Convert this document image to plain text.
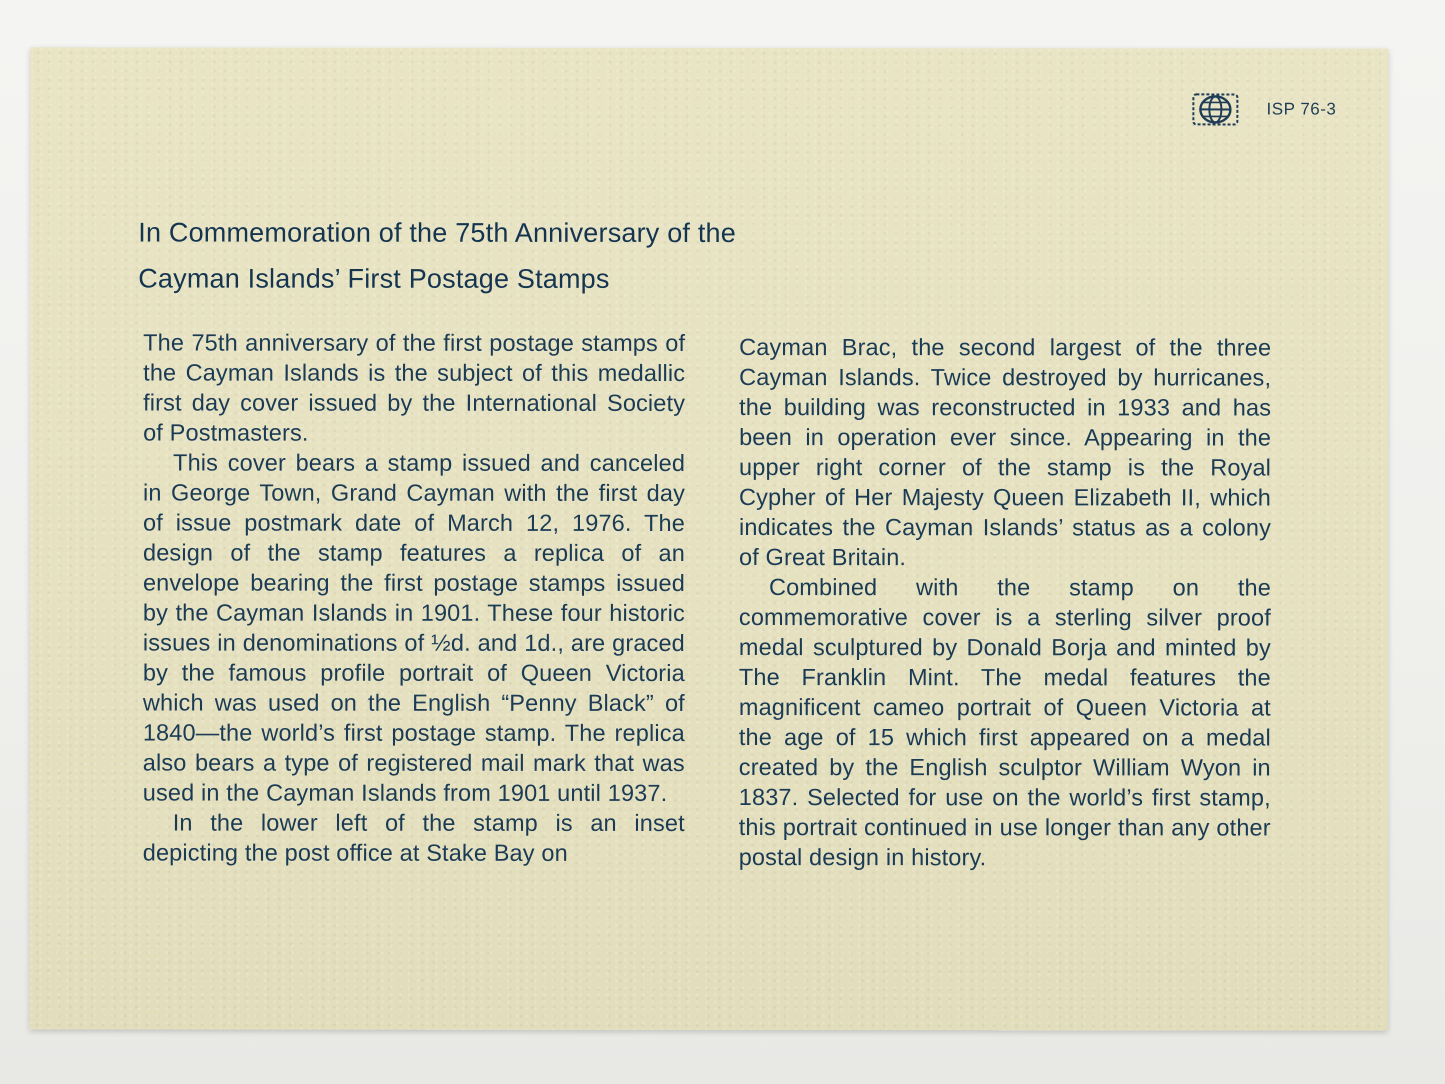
ISP 76-3
In Commemoration of the 75th Anniversary of the
Cayman Islands’ First Postage Stamps

The 75th anniversary of the first postage stamps of the Cayman Islands is the subject of this medallic first day cover issued by the International Society of Postmasters.

This cover bears a stamp issued and canceled in George Town, Grand Cayman with the first day of issue postmark date of March 12, 1976. The design of the stamp features a replica of an envelope bearing the first postage stamps issued by the Cayman Islands in 1901. These four historic issues in denominations of ½d. and 1d., are graced by the famous profile portrait of Queen Victoria which was used on the English “Penny Black” of 1840—the world’s first postage stamp. The replica also bears a type of registered mail mark that was used in the Cayman Islands from 1901 until 1937.

In the lower left of the stamp is an inset depicting the post office at Stake Bay on

Cayman Brac, the second largest of the three Cayman Islands. Twice destroyed by hurricanes, the building was reconstructed in 1933 and has been in operation ever since. Appearing in the upper right corner of the stamp is the Royal Cypher of Her Majesty Queen Elizabeth II, which indicates the Cayman Islands’ status as a colony of Great Britain.

Combined with the stamp on the commemorative cover is a sterling silver proof medal sculptured by Donald Borja and minted by The Franklin Mint. The medal features the magnificent cameo portrait of Queen Victoria at the age of 15 which first appeared on a medal created by the English sculptor William Wyon in 1837. Selected for use on the world’s first stamp, this portrait continued in use longer than any other postal design in history.
